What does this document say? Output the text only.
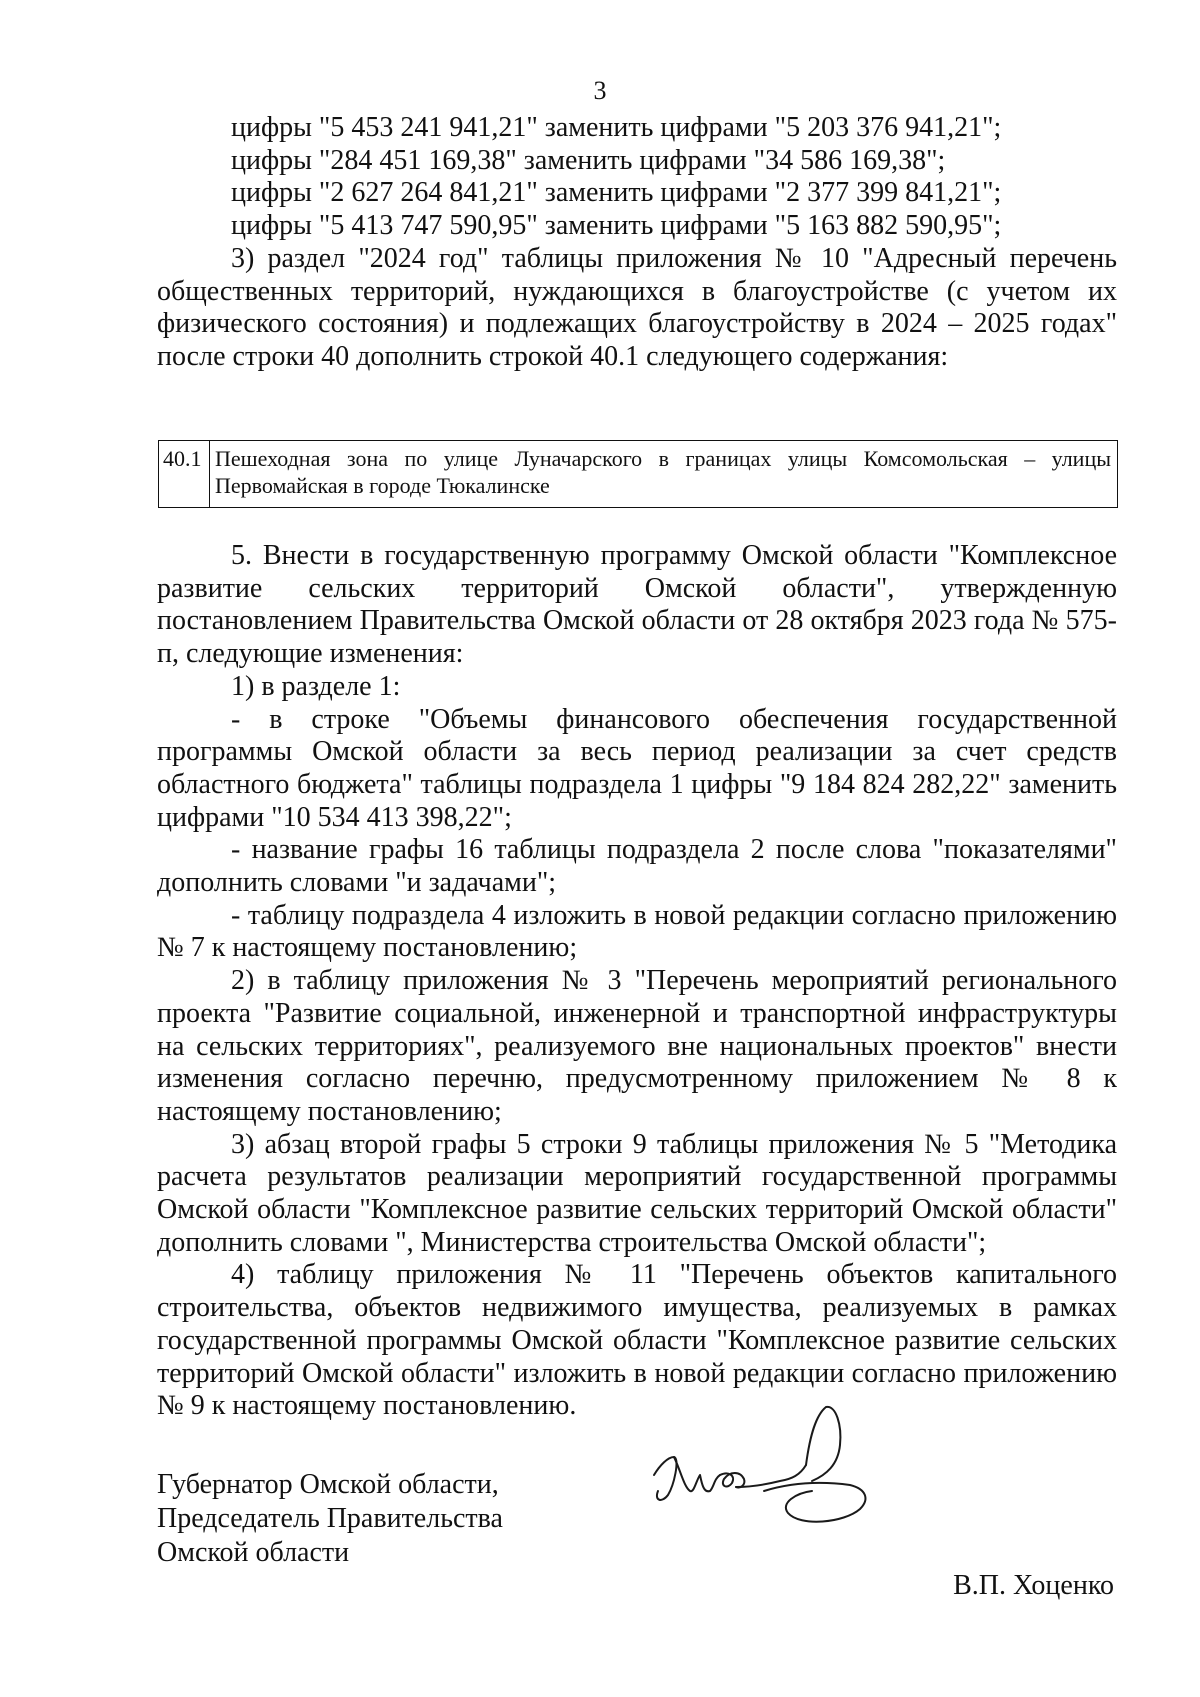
3

цифры "5 453 241 941,21" заменить цифрами "5 203 376 941,21";

цифры "284 451 169,38" заменить цифрами "34 586 169,38";

цифры "2 627 264 841,21" заменить цифрами "2 377 399 841,21";

цифры "5 413 747 590,95" заменить цифрами "5 163 882 590,95";

3) раздел "2024 год" таблицы приложения № 10 "Адресный перечень общественных территорий, нуждающихся в благоустройстве (с учетом их физического состояния) и подлежащих благоустройству в 2024 – 2025 годах" после строки 40 дополнить строкой 40.1 следующего содержания:

40.1 Пешеходная зона по улице Луначарского в границах улицы Комсомольская – улицы Первомайская в городе Тюкалинске

5. Внести в государственную программу Омской области "Комплексное развитие сельских территорий Омской области", утвержденную постановлением Правительства Омской области от 28 октября 2023 года № 575-п, следующие изменения:

1) в разделе 1:

- в строке "Объемы финансового обеспечения государственной программы Омской области за весь период реализации за счет средств областного бюджета" таблицы подраздела 1 цифры "9 184 824 282,22" заменить цифрами "10 534 413 398,22";

- название графы 16 таблицы подраздела 2 после слова "показателями" дополнить словами "и задачами";

- таблицу подраздела 4 изложить в новой редакции согласно приложению № 7 к настоящему постановлению;

2) в таблицу приложения № 3 "Перечень мероприятий регионального проекта "Развитие социальной, инженерной и транспортной инфраструктуры на сельских территориях", реализуемого вне национальных проектов" внести изменения согласно перечню, предусмотренному приложением № 8 к настоящему постановлению;

3) абзац второй графы 5 строки 9 таблицы приложения № 5 "Методика расчета результатов реализации мероприятий государственной программы Омской области "Комплексное развитие сельских территорий Омской области" дополнить словами ", Министерства строительства Омской области";

4) таблицу приложения № 11 "Перечень объектов капитального строительства, объектов недвижимого имущества, реализуемых в рамках государственной программы Омской области "Комплексное развитие сельских территорий Омской области" изложить в новой редакции согласно приложению № 9 к настоящему постановлению.

Губернатор Омской области,
Председатель Правительства
Омской области
В.П. Хоценко
